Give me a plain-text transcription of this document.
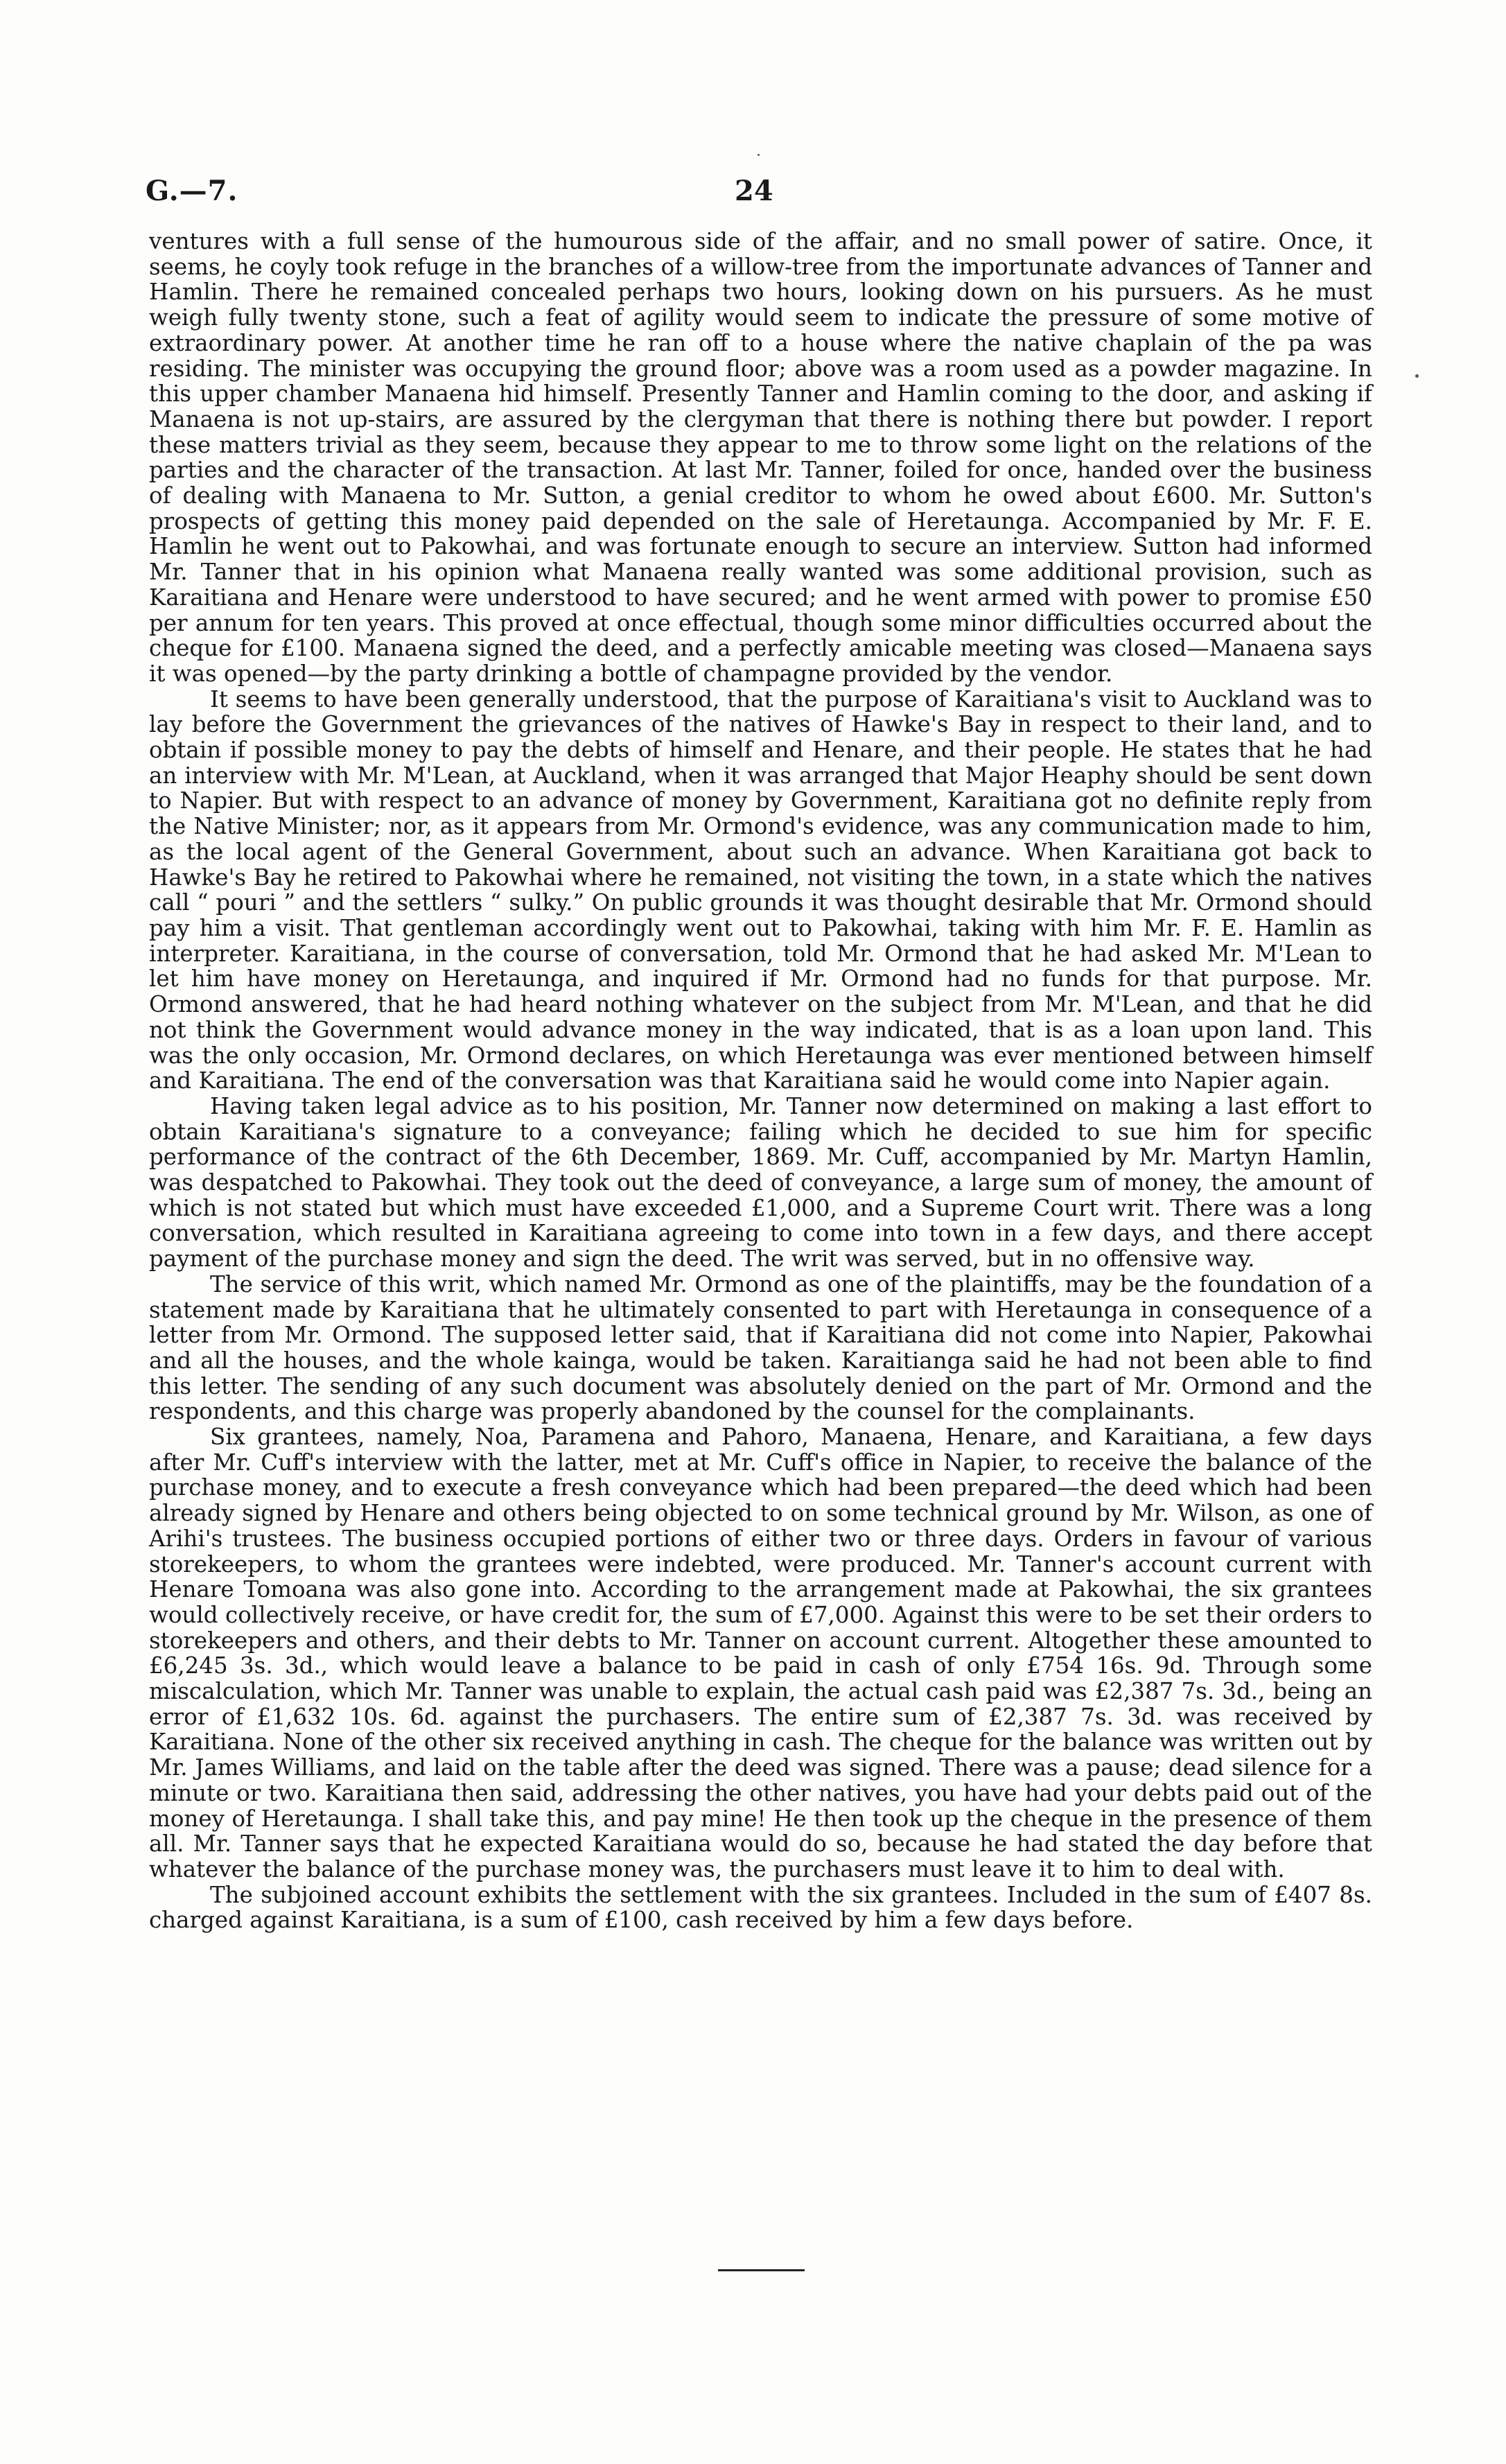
G.—7.	24

ventures with a full sense of the humourous side of the affair, and no small power of satire. Once, it seems, he coyly took refuge in the branches of a willow-tree from the importunate advances of Tanner and Hamlin. There he remained concealed perhaps two hours, looking down on his pursuers. As he must weigh fully twenty stone, such a feat of agility would seem to indicate the pressure of some motive of extraordinary power. At another time he ran off to a house where the native chaplain of the pa was residing. The minister was occupying the ground floor; above was a room used as a powder magazine. In this upper chamber Manaena hid himself. Presently Tanner and Hamlin coming to the door, and asking if Manaena is not up-stairs, are assured by the clergyman that there is nothing there but powder. I report these matters trivial as they seem, because they appear to me to throw some light on the relations of the parties and the character of the transaction. At last Mr. Tanner, foiled for once, handed over the business of dealing with Manaena to Mr. Sutton, a genial creditor to whom he owed about £600. Mr. Sutton's prospects of getting this money paid depended on the sale of Heretaunga. Accompanied by Mr. F. E. Hamlin he went out to Pakowhai, and was fortunate enough to secure an interview. Sutton had informed Mr. Tanner that in his opinion what Manaena really wanted was some additional provision, such as Karaitiana and Henare were understood to have secured; and he went armed with power to promise £50 per annum for ten years. This proved at once effectual, though some minor difficulties occurred about the cheque for £100. Manaena signed the deed, and a perfectly amicable meeting was closed—Manaena says it was opened—by the party drinking a bottle of champagne provided by the vendor.

It seems to have been generally understood, that the purpose of Karaitiana's visit to Auckland was to lay before the Government the grievances of the natives of Hawke's Bay in respect to their land, and to obtain if possible money to pay the debts of himself and Henare, and their people. He states that he had an interview with Mr. M'Lean, at Auckland, when it was arranged that Major Heaphy should be sent down to Napier. But with respect to an advance of money by Government, Karaitiana got no definite reply from the Native Minister; nor, as it appears from Mr. Ormond's evidence, was any communication made to him, as the local agent of the General Government, about such an advance. When Karaitiana got back to Hawke's Bay he retired to Pakowhai where he remained, not visiting the town, in a state which the natives call “ pouri ” and the settlers “ sulky.” On public grounds it was thought desirable that Mr. Ormond should pay him a visit. That gentleman accordingly went out to Pakowhai, taking with him Mr. F. E. Hamlin as interpreter. Karaitiana, in the course of conversation, told Mr. Ormond that he had asked Mr. M'Lean to let him have money on Heretaunga, and inquired if Mr. Ormond had no funds for that purpose. Mr. Ormond answered, that he had heard nothing whatever on the subject from Mr. M'Lean, and that he did not think the Government would advance money in the way indicated, that is as a loan upon land. This was the only occasion, Mr. Ormond declares, on which Heretaunga was ever mentioned between himself and Karaitiana. The end of the conversation was that Karaitiana said he would come into Napier again.

Having taken legal advice as to his position, Mr. Tanner now determined on making a last effort to obtain Karaitiana's signature to a conveyance; failing which he decided to sue him for specific performance of the contract of the 6th December, 1869. Mr. Cuff, accompanied by Mr. Martyn Hamlin, was despatched to Pakowhai. They took out the deed of conveyance, a large sum of money, the amount of which is not stated but which must have exceeded £1,000, and a Supreme Court writ. There was a long conversation, which resulted in Karaitiana agreeing to come into town in a few days, and there accept payment of the purchase money and sign the deed. The writ was served, but in no offensive way.

The service of this writ, which named Mr. Ormond as one of the plaintiffs, may be the foundation of a statement made by Karaitiana that he ultimately consented to part with Heretaunga in consequence of a letter from Mr. Ormond. The supposed letter said, that if Karaitiana did not come into Napier, Pakowhai and all the houses, and the whole kainga, would be taken. Karaitianga said he had not been able to find this letter. The sending of any such document was absolutely denied on the part of Mr. Ormond and the respondents, and this charge was properly abandoned by the counsel for the complainants.

Six grantees, namely, Noa, Paramena and Pahoro, Manaena, Henare, and Karaitiana, a few days after Mr. Cuff's interview with the latter, met at Mr. Cuff's office in Napier, to receive the balance of the purchase money, and to execute a fresh conveyance which had been prepared—the deed which had been already signed by Henare and others being objected to on some technical ground by Mr. Wilson, as one of Arihi's trustees. The business occupied portions of either two or three days. Orders in favour of various storekeepers, to whom the grantees were indebted, were produced. Mr. Tanner's account current with Henare Tomoana was also gone into. According to the arrangement made at Pakowhai, the six grantees would collectively receive, or have credit for, the sum of £7,000. Against this were to be set their orders to storekeepers and others, and their debts to Mr. Tanner on account current. Altogether these amounted to £6,245 3s. 3d., which would leave a balance to be paid in cash of only £754 16s. 9d. Through some miscalculation, which Mr. Tanner was unable to explain, the actual cash paid was £2,387 7s. 3d., being an error of £1,632 10s. 6d. against the purchasers. The entire sum of £2,387 7s. 3d. was received by Karaitiana. None of the other six received anything in cash. The cheque for the balance was written out by Mr. James Williams, and laid on the table after the deed was signed. There was a pause; dead silence for a minute or two. Karaitiana then said, addressing the other natives, you have had your debts paid out of the money of Heretaunga. I shall take this, and pay mine! He then took up the cheque in the presence of them all. Mr. Tanner says that he expected Karaitiana would do so, because he had stated the day before that whatever the balance of the purchase money was, the purchasers must leave it to him to deal with.

The subjoined account exhibits the settlement with the six grantees. Included in the sum of £407 8s. charged against Karaitiana, is a sum of £100, cash received by him a few days before.
